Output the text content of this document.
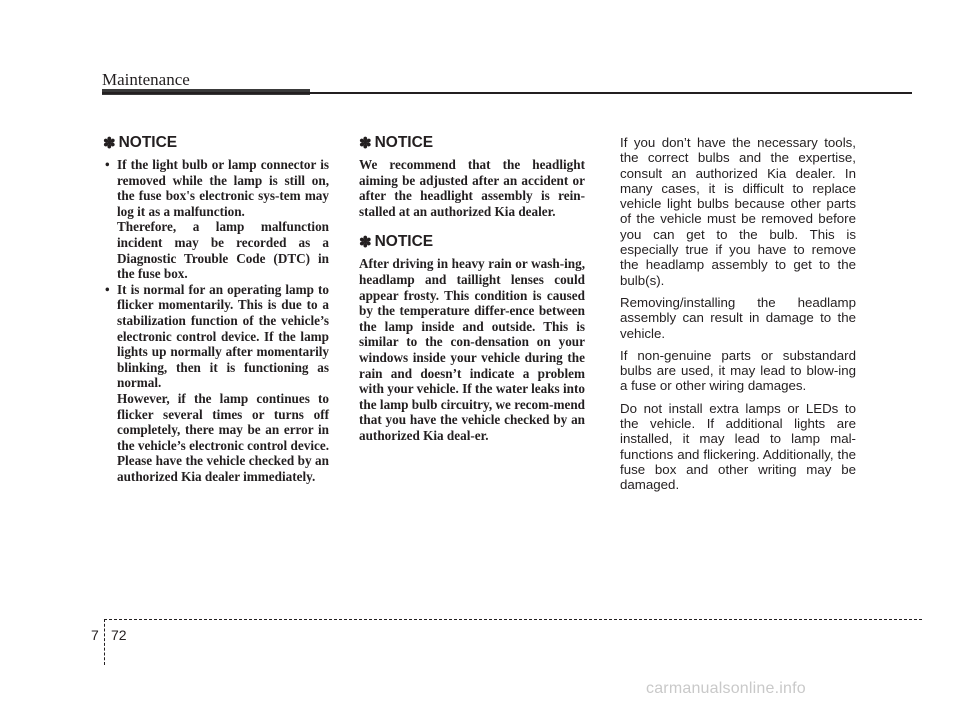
Maintenance
✽ NOTICE
• If the light bulb or lamp connector is removed while the lamp is still on, the fuse box's electronic sys-tem may log it as a malfunction.

Therefore, a lamp malfunction incident may be recorded as a Diagnostic Trouble Code (DTC) in the fuse box.

• It is normal for an operating lamp to flicker momentarily. This is due to a stabilization function of the vehicle’s electronic control device. If the lamp lights up normally after momentarily blinking, then it is functioning as normal.

However, if the lamp continues to flicker several times or turns off completely, there may be an error in the vehicle’s electronic control device. Please have the vehicle checked by an authorized Kia dealer immediately.

✽ NOTICE

We recommend that the headlight aiming be adjusted after an accident or after the headlight assembly is rein-stalled at an authorized Kia dealer.

✽ NOTICE

After driving in heavy rain or wash-ing, headlamp and taillight lenses could appear frosty. This condition is caused by the temperature differ-ence between the lamp inside and outside. This is similar to the con-densation on your windows inside your vehicle during the rain and doesn’t indicate a problem with your vehicle. If the water leaks into the lamp bulb circuitry, we recom-mend that you have the vehicle checked by an authorized Kia deal-er.

If you don’t have the necessary tools, the correct bulbs and the expertise, consult an authorized Kia dealer. In many cases, it is difficult to replace vehicle light bulbs because other parts of the vehicle must be removed before you can get to the bulb. This is especially true if you have to remove the headlamp assembly to get to the bulb(s).

Removing/installing the headlamp assembly can result in damage to the vehicle.

If non-genuine parts or substandard bulbs are used, it may lead to blow-ing a fuse or other wiring damages.

Do not install extra lamps or LEDs to the vehicle. If additional lights are installed, it may lead to lamp mal-functions and flickering. Additionally, the fuse box and other writing may be damaged.

7 72
carmanualsonline.info
